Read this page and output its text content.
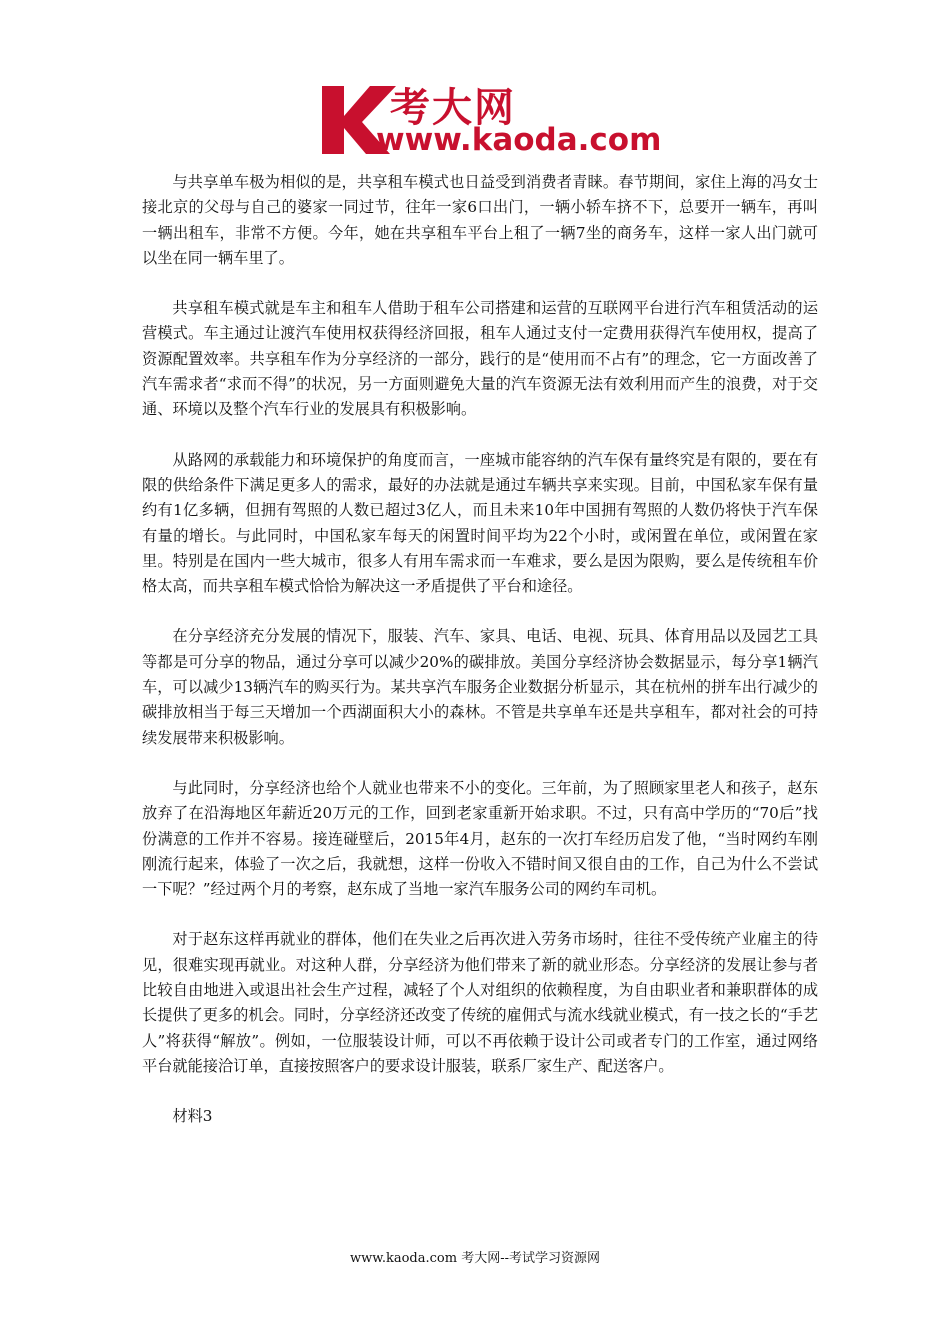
考大网
www.kaoda.com

与共享单车极为相似的是，共享租车模式也日益受到消费者青睐。春节期间，家住上海的冯女士接北京的父母与自己的婆家一同过节，往年一家6口出门，一辆小轿车挤不下，总要开一辆车，再叫一辆出租车，非常不方便。今年，她在共享租车平台上租了一辆7坐的商务车，这样一家人出门就可以坐在同一辆车里了。

共享租车模式就是车主和租车人借助于租车公司搭建和运营的互联网平台进行汽车租赁活动的运营模式。车主通过让渡汽车使用权获得经济回报，租车人通过支付一定费用获得汽车使用权，提高了资源配置效率。共享租车作为分享经济的一部分，践行的是“使用而不占有”的理念，它一方面改善了汽车需求者“求而不得”的状况，另一方面则避免大量的汽车资源无法有效利用而产生的浪费，对于交通、环境以及整个汽车行业的发展具有积极影响。

从路网的承载能力和环境保护的角度而言，一座城市能容纳的汽车保有量终究是有限的，要在有限的供给条件下满足更多人的需求，最好的办法就是通过车辆共享来实现。目前，中国私家车保有量约有1亿多辆，但拥有驾照的人数已超过3亿人，而且未来10年中国拥有驾照的人数仍将快于汽车保有量的增长。与此同时，中国私家车每天的闲置时间平均为22个小时，或闲置在单位，或闲置在家里。特别是在国内一些大城市，很多人有用车需求而一车难求，要么是因为限购，要么是传统租车价格太高，而共享租车模式恰恰为解决这一矛盾提供了平台和途径。

在分享经济充分发展的情况下，服装、汽车、家具、电话、电视、玩具、体育用品以及园艺工具等都是可分享的物品，通过分享可以减少20%的碳排放。美国分享经济协会数据显示，每分享1辆汽车，可以减少13辆汽车的购买行为。某共享汽车服务企业数据分析显示，其在杭州的拼车出行减少的碳排放相当于每三天增加一个西湖面积大小的森林。不管是共享单车还是共享租车，都对社会的可持续发展带来积极影响。

与此同时，分享经济也给个人就业也带来不小的变化。三年前，为了照顾家里老人和孩子，赵东放弃了在沿海地区年薪近20万元的工作，回到老家重新开始求职。不过，只有高中学历的“70后”找份满意的工作并不容易。接连碰壁后，2015年4月，赵东的一次打车经历启发了他，“当时网约车刚刚流行起来，体验了一次之后，我就想，这样一份收入不错时间又很自由的工作，自己为什么不尝试一下呢？”经过两个月的考察，赵东成了当地一家汽车服务公司的网约车司机。

对于赵东这样再就业的群体，他们在失业之后再次进入劳务市场时，往往不受传统产业雇主的待见，很难实现再就业。对这种人群，分享经济为他们带来了新的就业形态。分享经济的发展让参与者比较自由地进入或退出社会生产过程，减轻了个人对组织的依赖程度，为自由职业者和兼职群体的成长提供了更多的机会。同时，分享经济还改变了传统的雇佣式与流水线就业模式，有一技之长的“手艺人”将获得“解放”。例如，一位服装设计师，可以不再依赖于设计公司或者专门的工作室，通过网络平台就能接洽订单，直接按照客户的要求设计服装，联系厂家生产、配送客户。

材料3

www.kaoda.com 考大网--考试学习资源网
